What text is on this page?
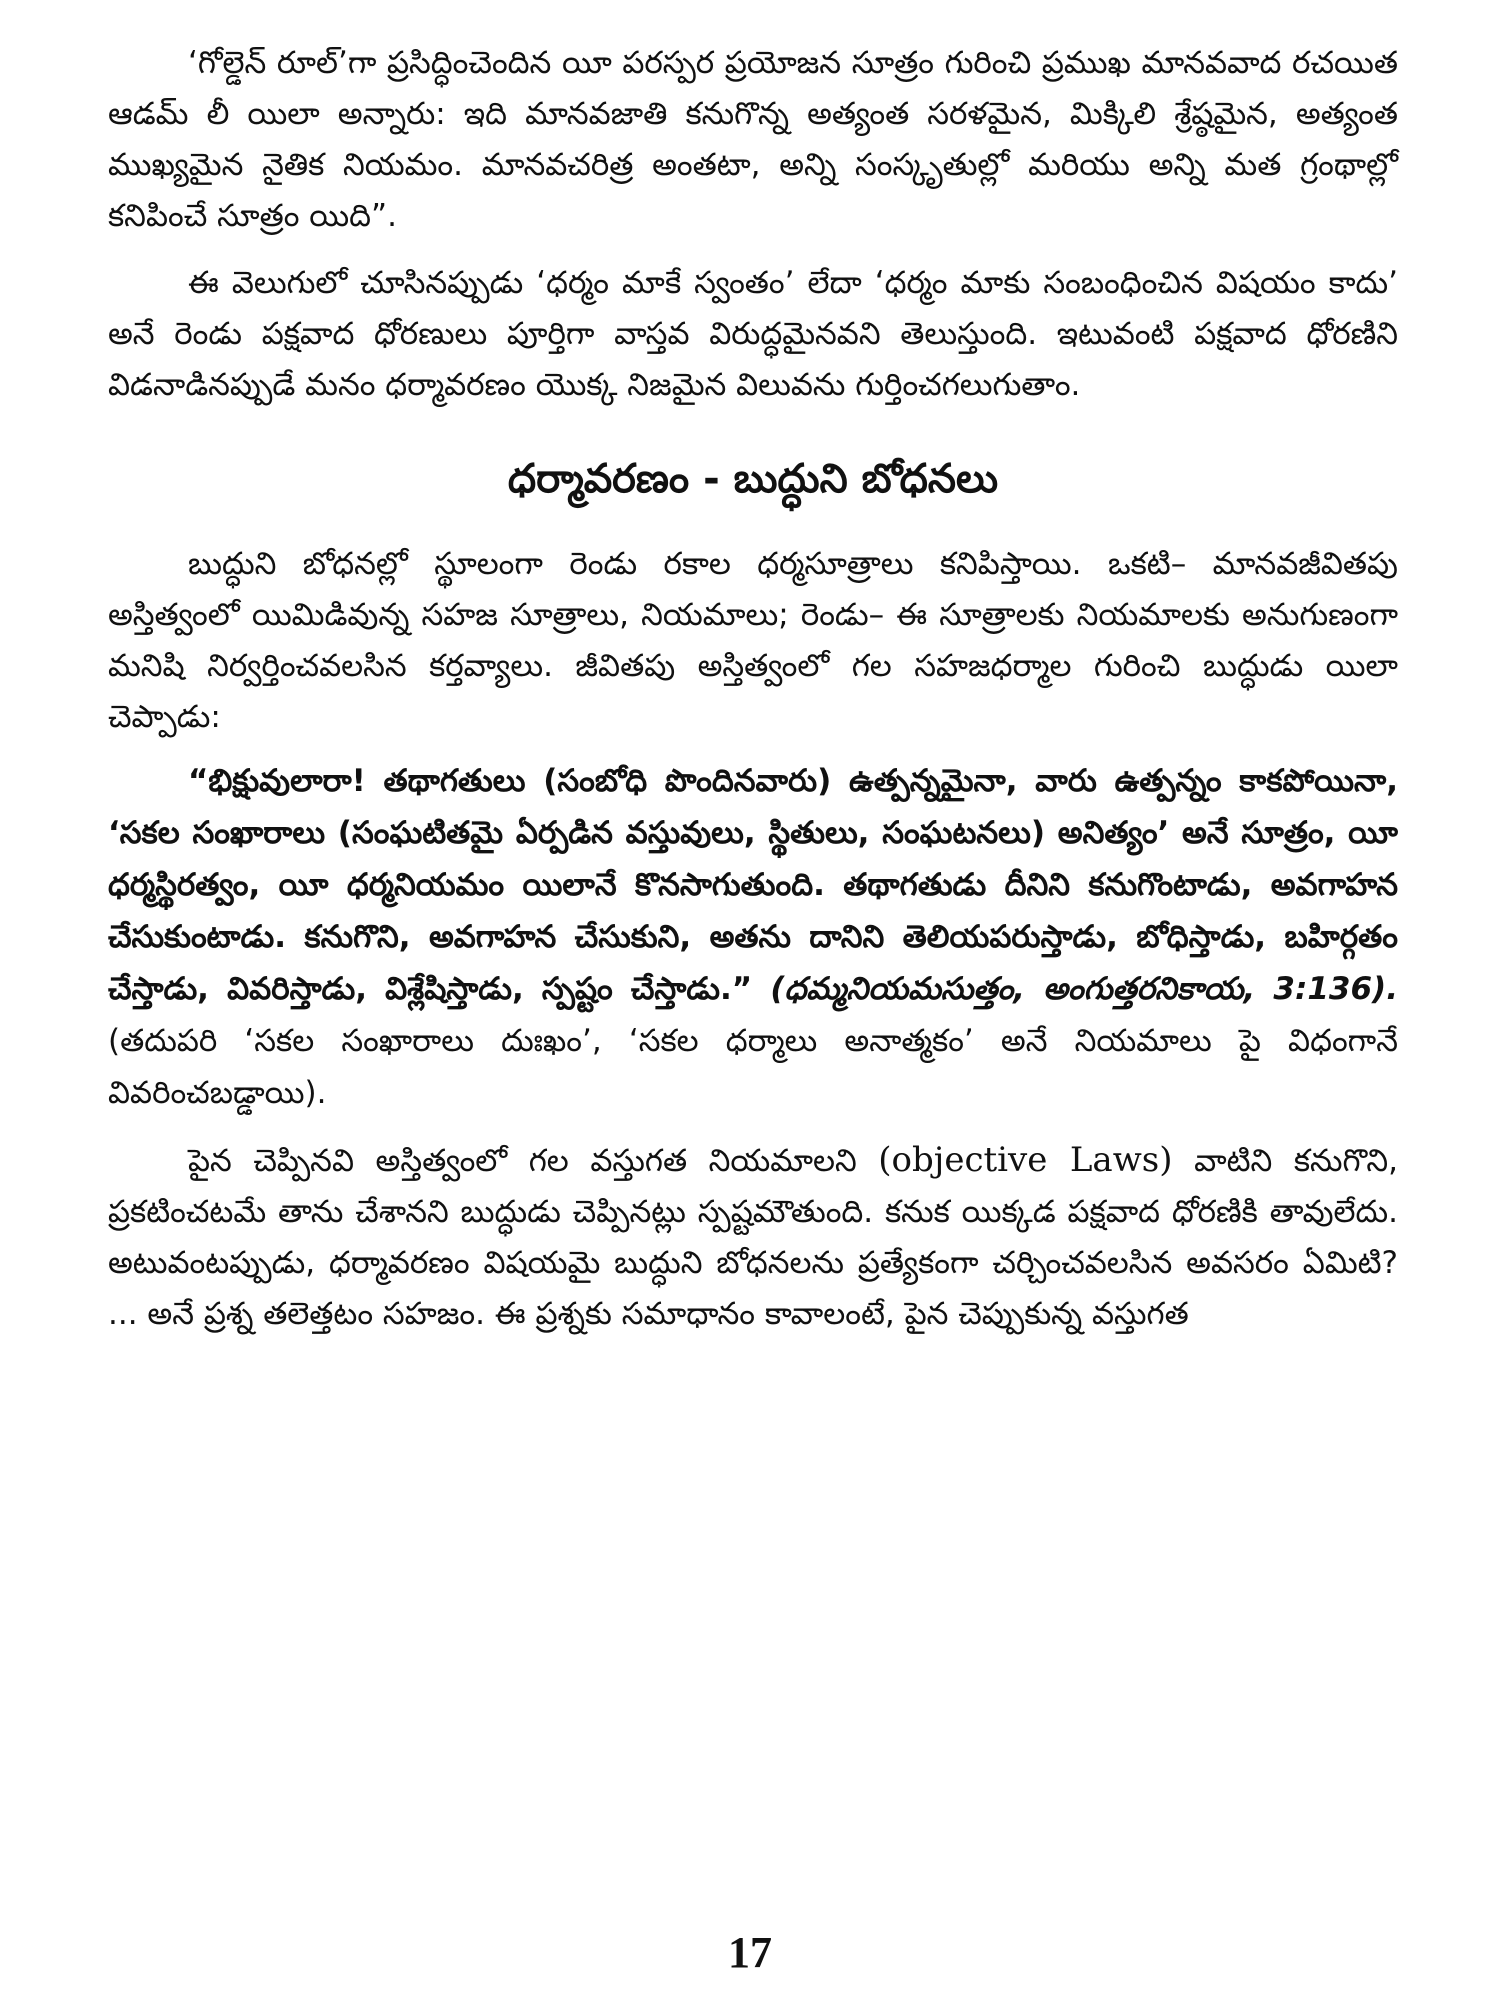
‘గోల్డెన్ రూల్’గా ప్రసిద్ధించెందిన యీ పరస్పర ప్రయోజన సూత్రం గురించి ప్రముఖ మానవవాద రచయిత ఆడమ్ లీ యిలా అన్నారు: ఇది మానవజాతి కనుగొన్న అత్యంత సరళమైన, మిక్కిలి శ్రేష్ఠమైన, అత్యంత ముఖ్యమైన నైతిక నియమం. మానవచరిత్ర అంతటా, అన్ని సంస్కృతుల్లో మరియు అన్ని మత గ్రంథాల్లో కనిపించే సూత్రం యిది”.

ఈ వెలుగులో చూసినప్పుడు ‘ధర్మం మాకే స్వంతం’ లేదా ‘ధర్మం మాకు సంబంధించిన విషయం కాదు’ అనే రెండు పక్షవాద ధోరణులు పూర్తిగా వాస్తవ విరుద్ధమైనవని తెలుస్తుంది. ఇటువంటి పక్షవాద ధోరణిని విడనాడినప్పుడే మనం ధర్మావరణం యొక్క నిజమైన విలువను గుర్తించగలుగుతాం.

ధర్మావరణం - బుద్ధుని బోధనలు

బుద్ధుని బోధనల్లో స్థూలంగా రెండు రకాల ధర్మసూత్రాలు కనిపిస్తాయి. ఒకటి– మానవజీవితపు అస్తిత్వంలో యిమిడివున్న సహజ సూత్రాలు, నియమాలు; రెండు– ఈ సూత్రాలకు నియమాలకు అనుగుణంగా మనిషి నిర్వర్తించవలసిన కర్తవ్యాలు. జీవితపు అస్తిత్వంలో గల సహజధర్మాల గురించి బుద్ధుడు యిలా చెప్పాడు:

“భిక్షువులారా! తథాగతులు (సంబోధి పొందినవారు) ఉత్పన్నమైనా, వారు ఉత్పన్నం కాకపోయినా, ‘సకల సంఖారాలు (సంఘటితమై ఏర్పడిన వస్తువులు, స్థితులు, సంఘటనలు) అనిత్యం’ అనే సూత్రం, యీ ధర్మస్థిరత్వం, యీ ధర్మనియమం యిలానే కొనసాగుతుంది. తథాగతుడు దీనిని కనుగొంటాడు, అవగాహన చేసుకుంటాడు. కనుగొని, అవగాహన చేసుకుని, అతను దానిని తెలియపరుస్తాడు, బోధిస్తాడు, బహిర్గతం చేస్తాడు, వివరిస్తాడు, విశ్లేషిస్తాడు, స్పష్టం చేస్తాడు.” (ధమ్మనియమసుత్తం, అంగుత్తరనికాయ, 3:136). (తదుపరి ‘సకల సంఖారాలు దుఃఖం’, ‘సకల ధర్మాలు అనాత్మకం’ అనే నియమాలు పై విధంగానే వివరించబడ్డాయి).

పైన చెప్పినవి అస్తిత్వంలో గల వస్తుగత నియమాలని (objective Laws) వాటిని కనుగొని, ప్రకటించటమే తాను చేశానని బుద్ధుడు చెప్పినట్లు స్పష్టమౌతుంది. కనుక యిక్కడ పక్షవాద ధోరణికి తావులేదు. అటువంటప్పుడు, ధర్మావరణం విషయమై బుద్ధుని బోధనలను ప్రత్యేకంగా చర్చించవలసిన అవసరం ఏమిటి? ... అనే ప్రశ్న తలెత్తటం సహజం. ఈ ప్రశ్నకు సమాధానం కావాలంటే, పైన చెప్పుకున్న వస్తుగత

17
